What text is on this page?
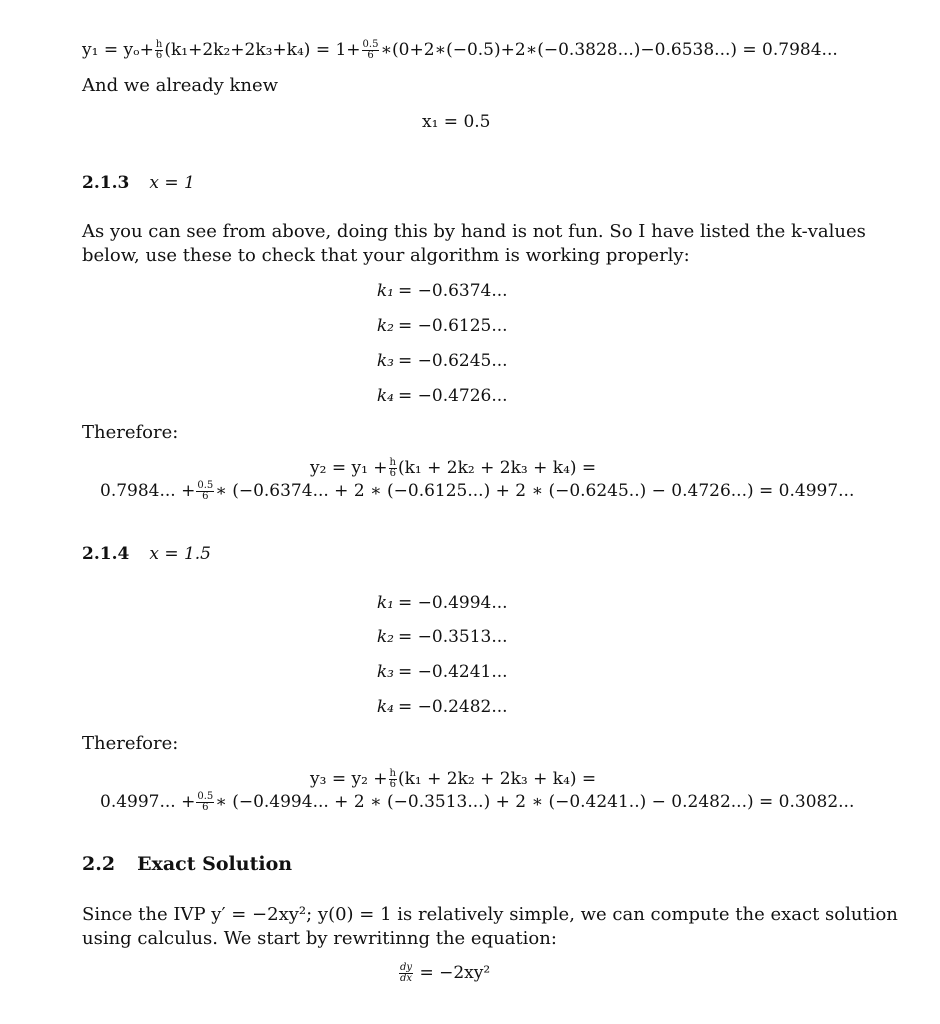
$y_1 = y_o+ \frac{h}{6} (k_1+2k_2+2k_3+k_4) = 1+ \frac{0.5}{6}$ ∗(0+2∗(−0.5)+2∗(−0.3828...)−0.6538...) = 0.7984...
And we already knew
x₁ = 0.5
2.1.3 x = 1
As you can see from above, doing this by hand is not fun. So I have listed the k-values
below, use these to check that your algorithm is working properly:
k₁ = −0.6374...
k₂ = −0.6125...
k₃ = −0.6245...
k₄ = −0.4726...
Therefore:
$y_2 = y_1 + \frac{h}{6} (k_1 + 2k_2 + 2k_3 + k_4)$ =
0.7984... + $\frac{0.5}{6}$ ∗ (−0.6374... + 2 ∗ (−0.6125...) + 2 ∗ (−0.6245..) − 0.4726...) = 0.4997...
2.1.4 x = 1.5
k₁ = −0.4994...
k₂ = −0.3513...
k₃ = −0.4241...
k₄ = −0.2482...
Therefore:
$y_3 = y_2 + \frac{h}{6} (k_1 + 2k_2 + 2k_3 + k_4)$ =
0.4997... + $\frac{0.5}{6}$ ∗ (−0.4994... + 2 ∗ (−0.3513...) + 2 ∗ (−0.4241..) − 0.2482...) = 0.3082...
2.2 Exact Solution
Since the IVP y′ = −2xy²; y(0) = 1 is relatively simple, we can compute the exact solution
using calculus. We start by rewritinng the equation:
$\frac{dy}{dx} = -2xy^2$
